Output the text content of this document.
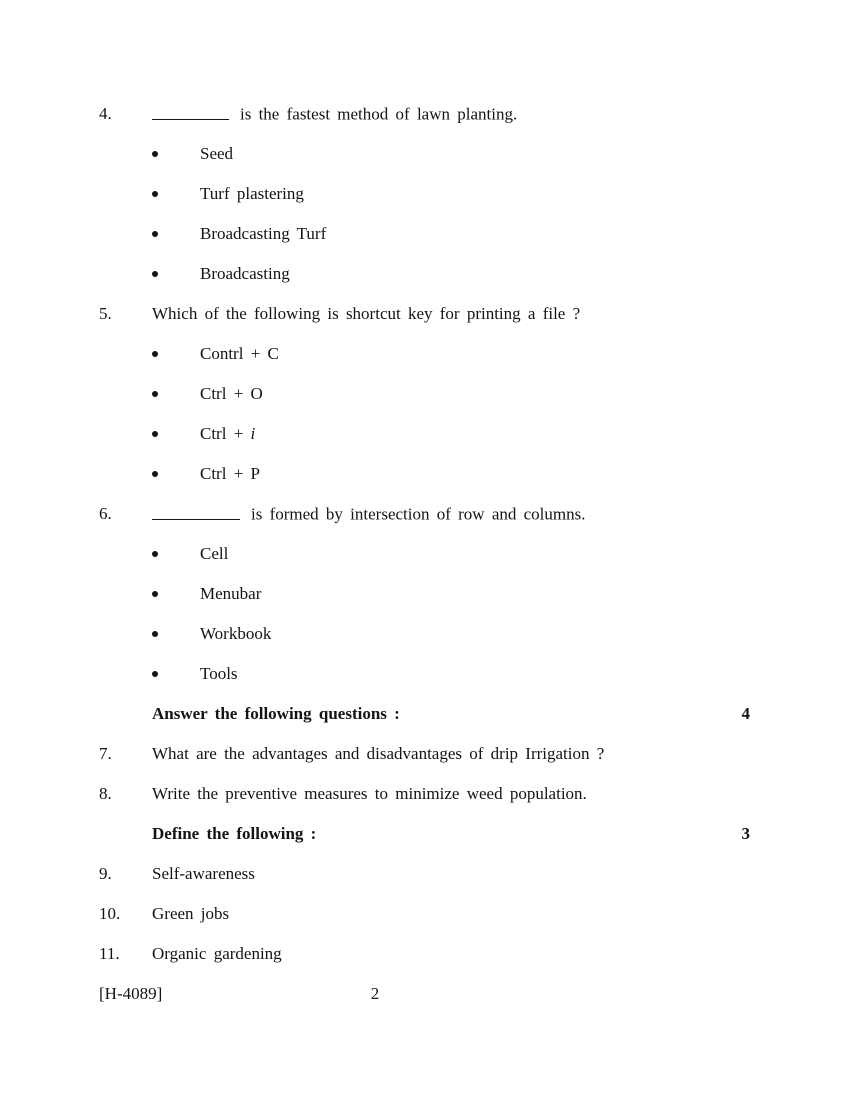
4.	is the fastest method of lawn planting.
Seed
Turf plastering
Broadcasting Turf
Broadcasting
5.	Which of the following is shortcut key for printing a file ?
Contrl + C
Ctrl + O
Ctrl + i
Ctrl + P
6.	is formed by intersection of row and columns.
Cell
Menubar
Workbook
Tools
Answer the following questions :	4
7.	What are the advantages and disadvantages of drip Irrigation ?
8.	Write the preventive measures to minimize weed population.
Define the following :	3
9.	Self-awareness
10.	Green jobs
11.	Organic gardening
[H-4089]	2
